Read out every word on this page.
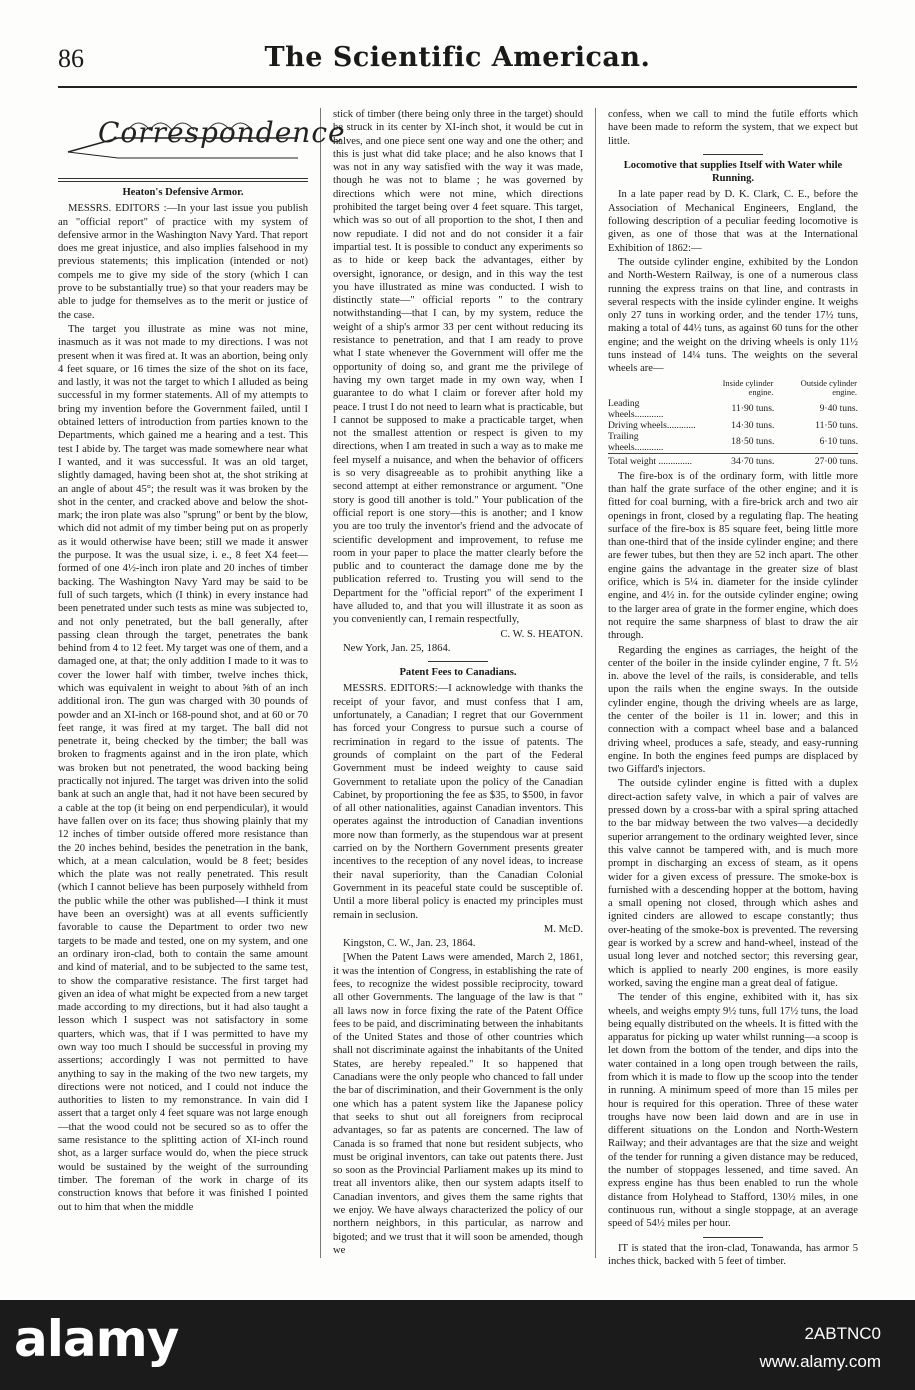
86	The Scientific American.
Correspondence
Heaton's Defensive Armor.

MESSRS. EDITORS :—In your last issue you publish an "official report" of practice with my system of defensive armor in the Washington Navy Yard. That report does me great injustice, and also implies falsehood in my previous statements; this implication (intended or not) compels me to give my side of the story (which I can prove to be substantially true) so that your readers may be able to judge for themselves as to the merit or justice of the case.

The target you illustrate as mine was not mine, inasmuch as it was not made to my directions. I was not present when it was fired at. It was an abortion, being only 4 feet square, or 16 times the size of the shot on its face, and lastly, it was not the target to which I alluded as being successful in my former statements. All of my attempts to bring my invention before the Government failed, until I obtained letters of introduction from parties known to the Departments, which gained me a hearing and a test. This test I abide by. The target was made somewhere near what I wanted, and it was successful. It was an old target, slightly damaged, having been shot at, the shot striking at an angle of about 45°; the result was it was broken by the shot in the center, and cracked above and below the shot-mark; the iron plate was also "sprung" or bent by the blow, which did not admit of my timber being put on as properly as it would otherwise have been; still we made it answer the purpose. It was the usual size, i. e., 8 feet X4 feet—formed of one 4½-inch iron plate and 20 inches of timber backing. The Washington Navy Yard may be said to be full of such targets, which (I think) in every instance had been penetrated under such tests as mine was subjected to, and not only penetrated, but the ball generally, after passing clean through the target, penetrates the bank behind from 4 to 12 feet. My target was one of them, and a damaged one, at that; the only addition I made to it was to cover the lower half with timber, twelve inches thick, which was equivalent in weight to about ⅝th of an inch additional iron. The gun was charged with 30 pounds of powder and an XI-inch or 168-pound shot, and at 60 or 70 feet range, it was fired at my target. The ball did not penetrate it, being checked by the timber; the ball was broken to fragments against and in the iron plate, which was broken but not penetrated, the wood backing being practically not injured. The target was driven into the solid bank at such an angle that, had it not have been secured by a cable at the top (it being on end perpendicular), it would have fallen over on its face; thus showing plainly that my 12 inches of timber outside offered more resistance than the 20 inches behind, besides the penetration in the bank, which, at a mean calculation, would be 8 feet; besides which the plate was not really penetrated. This result (which I cannot believe has been purposely withheld from the public while the other was published—I think it must have been an oversight) was at all events sufficiently favorable to cause the Department to order two new targets to be made and tested, one on my system, and one an ordinary iron-clad, both to contain the same amount and kind of material, and to be subjected to the same test, to show the comparative resistance. The first target had given an idea of what might be expected from a new target made according to my directions, but it had also taught a lesson which I suspect was not satisfactory in some quarters, which was, that if I was permitted to have my own way too much I should be successful in proving my assertions; accordingly I was not permitted to have anything to say in the making of the two new targets, my directions were not noticed, and I could not induce the authorities to listen to my remonstrance. In vain did I assert that a target only 4 feet square was not large enough—that the wood could not be secured so as to offer the same resistance to the splitting action of XI-inch round shot, as a larger surface would do, when the piece struck would be sustained by the weight of the surrounding timber. The foreman of the work in charge of its construction knows that before it was finished I pointed out to him that when the middle

stick of timber (there being only three in the target) should be struck in its center by XI-inch shot, it would be cut in halves, and one piece sent one way and one the other; and this is just what did take place; and he also knows that I was not in any way satisfied with the way it was made, though he was not to blame ; he was governed by directions which were not mine, which directions prohibited the target being over 4 feet square. This target, which was so out of all proportion to the shot, I then and now repudiate. I did not and do not consider it a fair impartial test. It is possible to conduct any experiments so as to hide or keep back the advantages, either by oversight, ignorance, or design, and in this way the test you have illustrated as mine was conducted. I wish to distinctly state—" official reports " to the contrary notwithstanding—that I can, by my system, reduce the weight of a ship's armor 33 per cent without reducing its resistance to penetration, and that I am ready to prove what I state whenever the Government will offer me the opportunity of doing so, and grant me the privilege of having my own target made in my own way, when I guarantee to do what I claim or forever after hold my peace. I trust I do not need to learn what is practicable, but I cannot be supposed to make a practicable target, when not the smallest attention or respect is given to my directions, when I am treated in such a way as to make me feel myself a nuisance, and when the behavior of officers is so very disagreeable as to prohibit anything like a second attempt at either remonstrance or argument. "One story is good till another is told." Your publication of the official report is one story—this is another; and I know you are too truly the inventor's friend and the advocate of scientific development and improvement, to refuse me room in your paper to place the matter clearly before the public and to counteract the damage done me by the publication referred to. Trusting you will send to the Department for the "official report" of the experiment I have alluded to, and that you will illustrate it as soon as you conveniently can, I remain respectfully,

C. W. S. HEATON.

New York, Jan. 25, 1864.

Patent Fees to Canadians.

MESSRS. EDITORS:—I acknowledge with thanks the receipt of your favor, and must confess that I am, unfortunately, a Canadian; I regret that our Government has forced your Congress to pursue such a course of recrimination in regard to the issue of patents. The grounds of complaint on the part of the Federal Government must be indeed weighty to cause said Government to retaliate upon the policy of the Canadian Cabinet, by proportioning the fee as $35, to $500, in favor of all other nationalities, against Canadian inventors. This operates against the introduction of Canadian inventions more now than formerly, as the stupendous war at present carried on by the Northern Government presents greater incentives to the reception of any novel ideas, to increase their naval superiority, than the Canadian Colonial Government in its peaceful state could be susceptible of. Until a more liberal policy is enacted my principles must remain in seclusion.

M. McD.

Kingston, C. W., Jan. 23, 1864.

[When the Patent Laws were amended, March 2, 1861, it was the intention of Congress, in establishing the rate of fees, to recognize the widest possible reciprocity, toward all other Governments. The language of the law is that " all laws now in force fixing the rate of the Patent Office fees to be paid, and discriminating between the inhabitants of the United States and those of other countries which shall not discriminate against the inhabitants of the United States, are hereby repealed." It so happened that Canadians were the only people who chanced to fall under the bar of discrimination, and their Government is the only one which has a patent system like the Japanese policy that seeks to shut out all foreigners from reciprocal advantages, so far as patents are concerned. The law of Canada is so framed that none but resident subjects, who must be original inventors, can take out patents there. Just so soon as the Provincial Parliament makes up its mind to treat all inventors alike, then our system adapts itself to Canadian inventors, and gives them the same rights that we enjoy. We have always characterized the policy of our northern neighbors, in this particular, as narrow and bigoted; and we trust that it will soon be amended, though we

confess, when we call to mind the futile efforts which have been made to reform the system, that we expect but little.

Locomotive that supplies Itself with Water while Running.

In a late paper read by D. K. Clark, C. E., before the Association of Mechanical Engineers, England, the following description of a peculiar feeding locomotive is given, as one of those that was at the International Exhibition of 1862:—

The outside cylinder engine, exhibited by the London and North-Western Railway, is one of a numerous class running the express trains on that line, and contrasts in several respects with the inside cylinder engine. It weighs only 27 tuns in working order, and the tender 17½ tuns, making a total of 44½ tuns, as against 60 tuns for the other engine; and the weight on the driving wheels is only 11½ tuns instead of 14¼ tuns. The weights on the several wheels are—

	Inside cylinder engine.	Outside cylinder engine.
Leading wheels............	11·90 tuns.	9·40 tuns.
Driving wheels............	14·30 tuns.	11·50 tuns.
Trailing wheels............	18·50 tuns.	6·10 tuns.
Total weight ..............	34·70 tuns.	27·00 tuns.

The fire-box is of the ordinary form, with little more than half the grate surface of the other engine; and it is fitted for coal burning, with a fire-brick arch and two air openings in front, closed by a regulating flap. The heating surface of the fire-box is 85 square feet, being little more than one-third that of the inside cylinder engine; and there are fewer tubes, but then they are 52 inch apart. The other engine gains the advantage in the greater size of blast orifice, which is 5¼ in. diameter for the inside cylinder engine, and 4½ in. for the outside cylinder engine; owing to the larger area of grate in the former engine, which does not require the same sharpness of blast to draw the air through.

Regarding the engines as carriages, the height of the center of the boiler in the inside cylinder engine, 7 ft. 5½ in. above the level of the rails, is considerable, and tells upon the rails when the engine sways. In the outside cylinder engine, though the driving wheels are as large, the center of the boiler is 11 in. lower; and this in connection with a compact wheel base and a balanced driving wheel, produces a safe, steady, and easy-running engine. In both the engines feed pumps are displaced by two Giffard's injectors.

The outside cylinder engine is fitted with a duplex direct-action safety valve, in which a pair of valves are pressed down by a cross-bar with a spiral spring attached to the bar midway between the two valves—a decidedly superior arrangement to the ordinary weighted lever, since this valve cannot be tampered with, and is much more prompt in discharging an excess of steam, as it opens wider for a given excess of pressure. The smoke-box is furnished with a descending hopper at the bottom, having a small opening not closed, through which ashes and ignited cinders are allowed to escape constantly; thus over-heating of the smoke-box is prevented. The reversing gear is worked by a screw and hand-wheel, instead of the usual long lever and notched sector; this reversing gear, which is applied to nearly 200 engines, is more easily worked, saving the engine man a great deal of fatigue.

The tender of this engine, exhibited with it, has six wheels, and weighs empty 9½ tuns, full 17½ tuns, the load being equally distributed on the wheels. It is fitted with the apparatus for picking up water whilst running—a scoop is let down from the bottom of the tender, and dips into the water contained in a long open trough between the rails, from which it is made to flow up the scoop into the tender in running. A minimum speed of more than 15 miles per hour is required for this operation. Three of these water troughs have now been laid down and are in use in different situations on the London and North-Western Railway; and their advantages are that the size and weight of the tender for running a given distance may be reduced, the number of stoppages lessened, and time saved. An express engine has thus been enabled to run the whole distance from Holyhead to Stafford, 130½ miles, in one continuous run, without a single stoppage, at an average speed of 54½ miles per hour.

IT is stated that the iron-clad, Tonawanda, has armor 5 inches thick, backed with 5 feet of timber.

alamy	2ABTNC0
www.alamy.com
